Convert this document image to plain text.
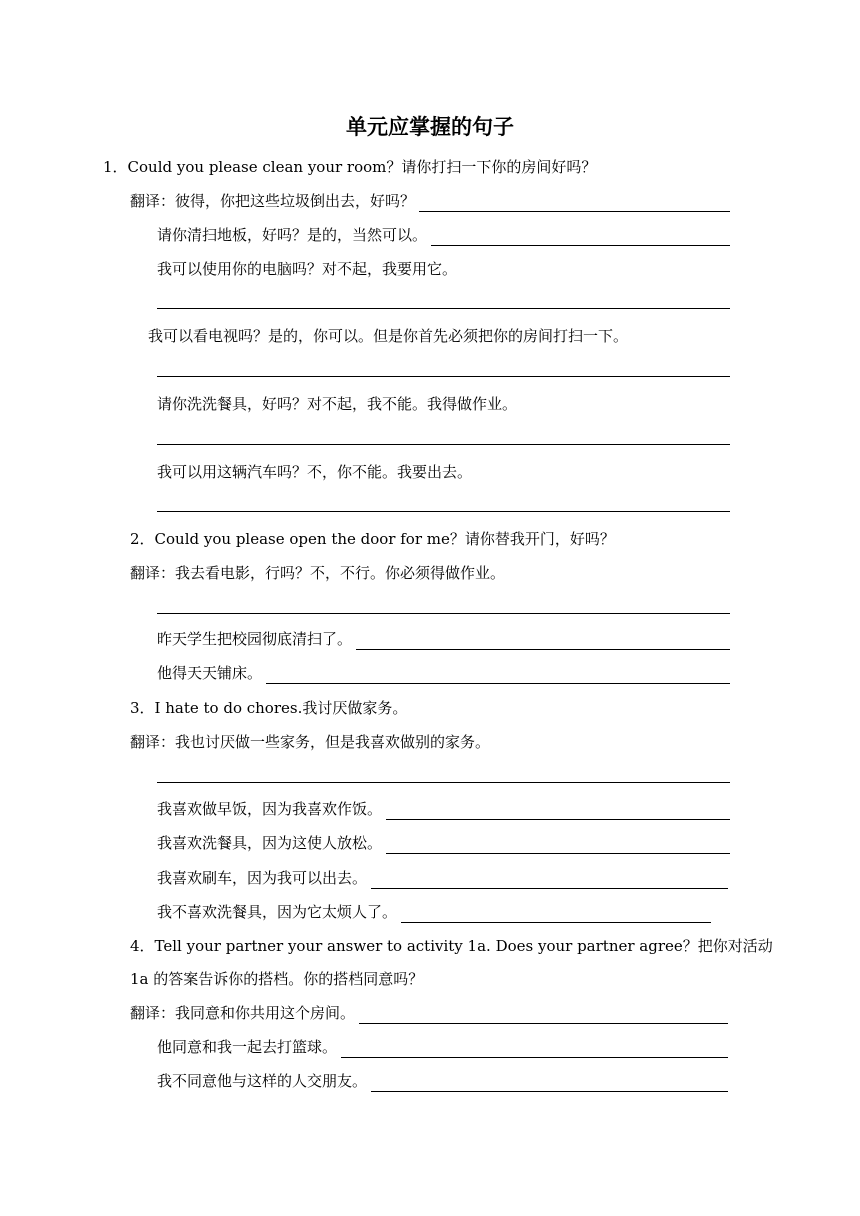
单元应掌握的句子
1．Could you please clean your room？请你打扫一下你的房间好吗？
翻译：彼得，你把这些垃圾倒出去，好吗？
请你清扫地板，好吗？是的，当然可以。
我可以使用你的电脑吗？对不起，我要用它。
我可以看电视吗？是的，你可以。但是你首先必须把你的房间打扫一下。
请你洗洗餐具，好吗？对不起，我不能。我得做作业。
我可以用这辆汽车吗？不，你不能。我要出去。
2．Could you please open the door for me？请你替我开门，好吗？
翻译：我去看电影，行吗？不，不行。你必须得做作业。
昨天学生把校园彻底清扫了。
他得天天铺床。
3．I hate to do chores.我讨厌做家务。
翻译：我也讨厌做一些家务，但是我喜欢做别的家务。
我喜欢做早饭，因为我喜欢作饭。
我喜欢洗餐具，因为这使人放松。
我喜欢刷车，因为我可以出去。
我不喜欢洗餐具，因为它太烦人了。
4．Tell your partner your answer to activity 1a. Does your partner agree？把你对活动
1a 的答案告诉你的搭档。你的搭档同意吗？
翻译：我同意和你共用这个房间。
他同意和我一起去打篮球。
我不同意他与这样的人交朋友。
